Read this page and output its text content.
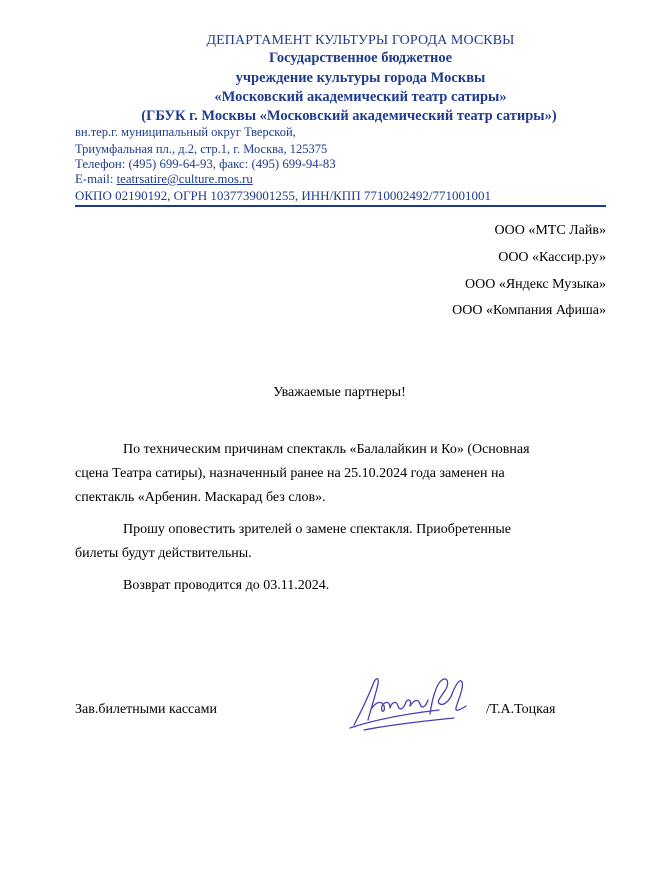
ДЕПАРТАМЕНТ КУЛЬТУРЫ ГОРОДА МОСКВЫ
Государственное бюджетное
учреждение культуры города Москвы
«Московский академический театр сатиры»
(ГБУК г. Москвы «Московский академический театр сатиры»)
вн.тер.г. муниципальный округ Тверской,
Триумфальная пл., д.2, стр.1, г. Москва, 125375
Телефон: (495) 699-64-93, факс: (495) 699-94-83
E-mail: teatrsatire@culture.mos.ru
ОКПО 02190192, ОГРН 1037739001255, ИНН/КПП 7710002492/771001001
ООО «МТС Лайв»
ООО «Кассир.ру»
ООО «Яндекс Музыка»
ООО «Компания Афиша»
Уважаемые партнеры!
По техническим причинам спектакль «Балалайкин и Ко» (Основная
сцена Театра сатиры), назначенный ранее на 25.10.2024 года заменен на
спектакль «Арбенин. Маскарад без слов».
Прошу оповестить зрителей о замене спектакля. Приобретенные
билеты будут действительны.
Возврат проводится до 03.11.2024.
Зав.билетными кассами	/Т.А.Тоцкая
